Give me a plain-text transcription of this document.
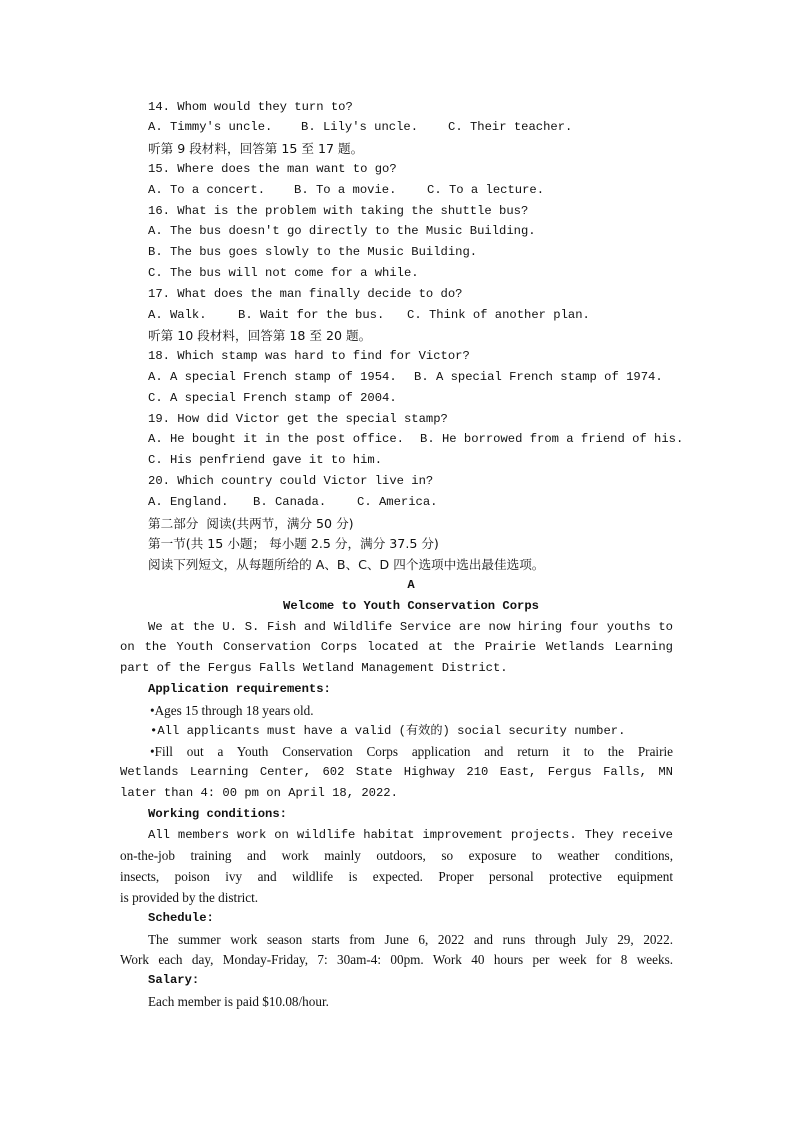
14. Whom would they turn to?
A. Timmy's uncle. B. Lily's uncle. C. Their teacher.
听第 9 段材料，回答第 15 至 17 题。
15. Where does the man want to go?
A. To a concert. B. To a movie.	C. To a lecture.
16. What is the problem with taking the shuttle bus?
A. The bus doesn't go directly to the Music Building.
B. The bus goes slowly to the Music Building.
C. The bus will not come for a while.
17. What does the man finally decide to do?
A. Walk.	B. Wait for the bus. C. Think of another plan.
听第 10 段材料，回答第 18 至 20 题。
18. Which stamp was hard to find for Victor?
A. A special French stamp of 1954. B. A special French stamp of 1974.
C. A special French stamp of 2004.
19. How did Victor get the special stamp?
A. He bought it in the post office. B. He borrowed from a friend of his.
C. His penfriend gave it to him.
20. Which country could Victor live in?
A. England. B. Canada.	C. America.
第二部分  阅读(共两节，满分 50 分)
第一节(共 15 小题； 每小题 2.5 分，满分 37.5 分)
阅读下列短文，从每题所给的 A、B、C、D 四个选项中选出最佳选项。
A
Welcome to Youth Conservation Corps
We at the U. S. Fish and Wildlife Service are now hiring four youths to
on the Youth Conservation Corps located at the Prairie Wetlands Learning
part of the Fergus Falls Wetland Management District.
Application requirements:
•Ages 15 through 18 years old.
•All applicants must have a valid (有效的) social security number.
•Fill out a Youth Conservation Corps application and return it to the Prairie
Wetlands Learning Center, 602 State Highway 210 East, Fergus Falls, MN
later than 4: 00 pm on April 18, 2022.
Working conditions:
All members work on wildlife habitat improvement projects. They receive
on-the-job training and work mainly outdoors, so exposure to weather conditions,
insects, poison ivy and wildlife is expected. Proper personal protective equipment
is provided by the district.
Schedule:
The summer work season starts from June 6, 2022 and runs through July 29, 2022.
Work each day, Monday-Friday, 7: 30am-4: 00pm. Work 40 hours per week for 8 weeks.
Salary:
Each member is paid $10.08/hour.
